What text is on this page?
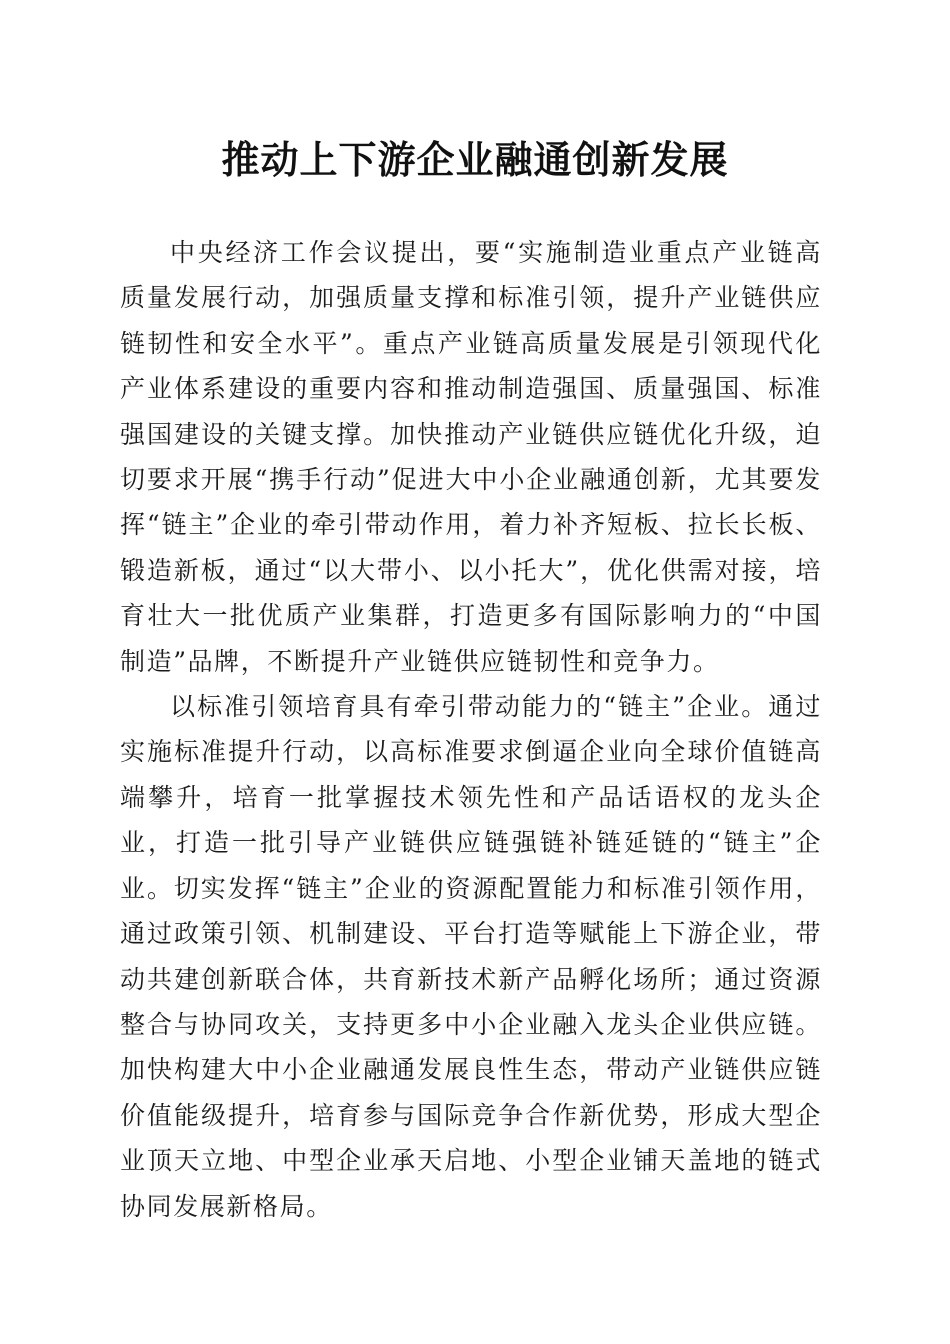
推动上下游企业融通创新发展

中央经济工作会议提出，要“实施制造业重点产业链高质量发展行动，加强质量支撑和标准引领，提升产业链供应链韧性和安全水平”。重点产业链高质量发展是引领现代化产业体系建设的重要内容和推动制造强国、质量强国、标准强国建设的关键支撑。加快推动产业链供应链优化升级，迫切要求开展“携手行动”促进大中小企业融通创新，尤其要发挥“链主”企业的牵引带动作用，着力补齐短板、拉长长板、锻造新板，通过“以大带小、以小托大”，优化供需对接，培育壮大一批优质产业集群，打造更多有国际影响力的“中国制造”品牌，不断提升产业链供应链韧性和竞争力。

以标准引领培育具有牵引带动能力的“链主”企业。通过实施标准提升行动，以高标准要求倒逼企业向全球价值链高端攀升，培育一批掌握技术领先性和产品话语权的龙头企业，打造一批引导产业链供应链强链补链延链的“链主”企业。切实发挥“链主”企业的资源配置能力和标准引领作用，通过政策引领、机制建设、平台打造等赋能上下游企业，带动共建创新联合体，共育新技术新产品孵化场所；通过资源整合与协同攻关，支持更多中小企业融入龙头企业供应链。加快构建大中小企业融通发展良性生态，带动产业链供应链价值能级提升，培育参与国际竞争合作新优势，形成大型企业顶天立地、中型企业承天启地、小型企业铺天盖地的链式协同发展新格局。
